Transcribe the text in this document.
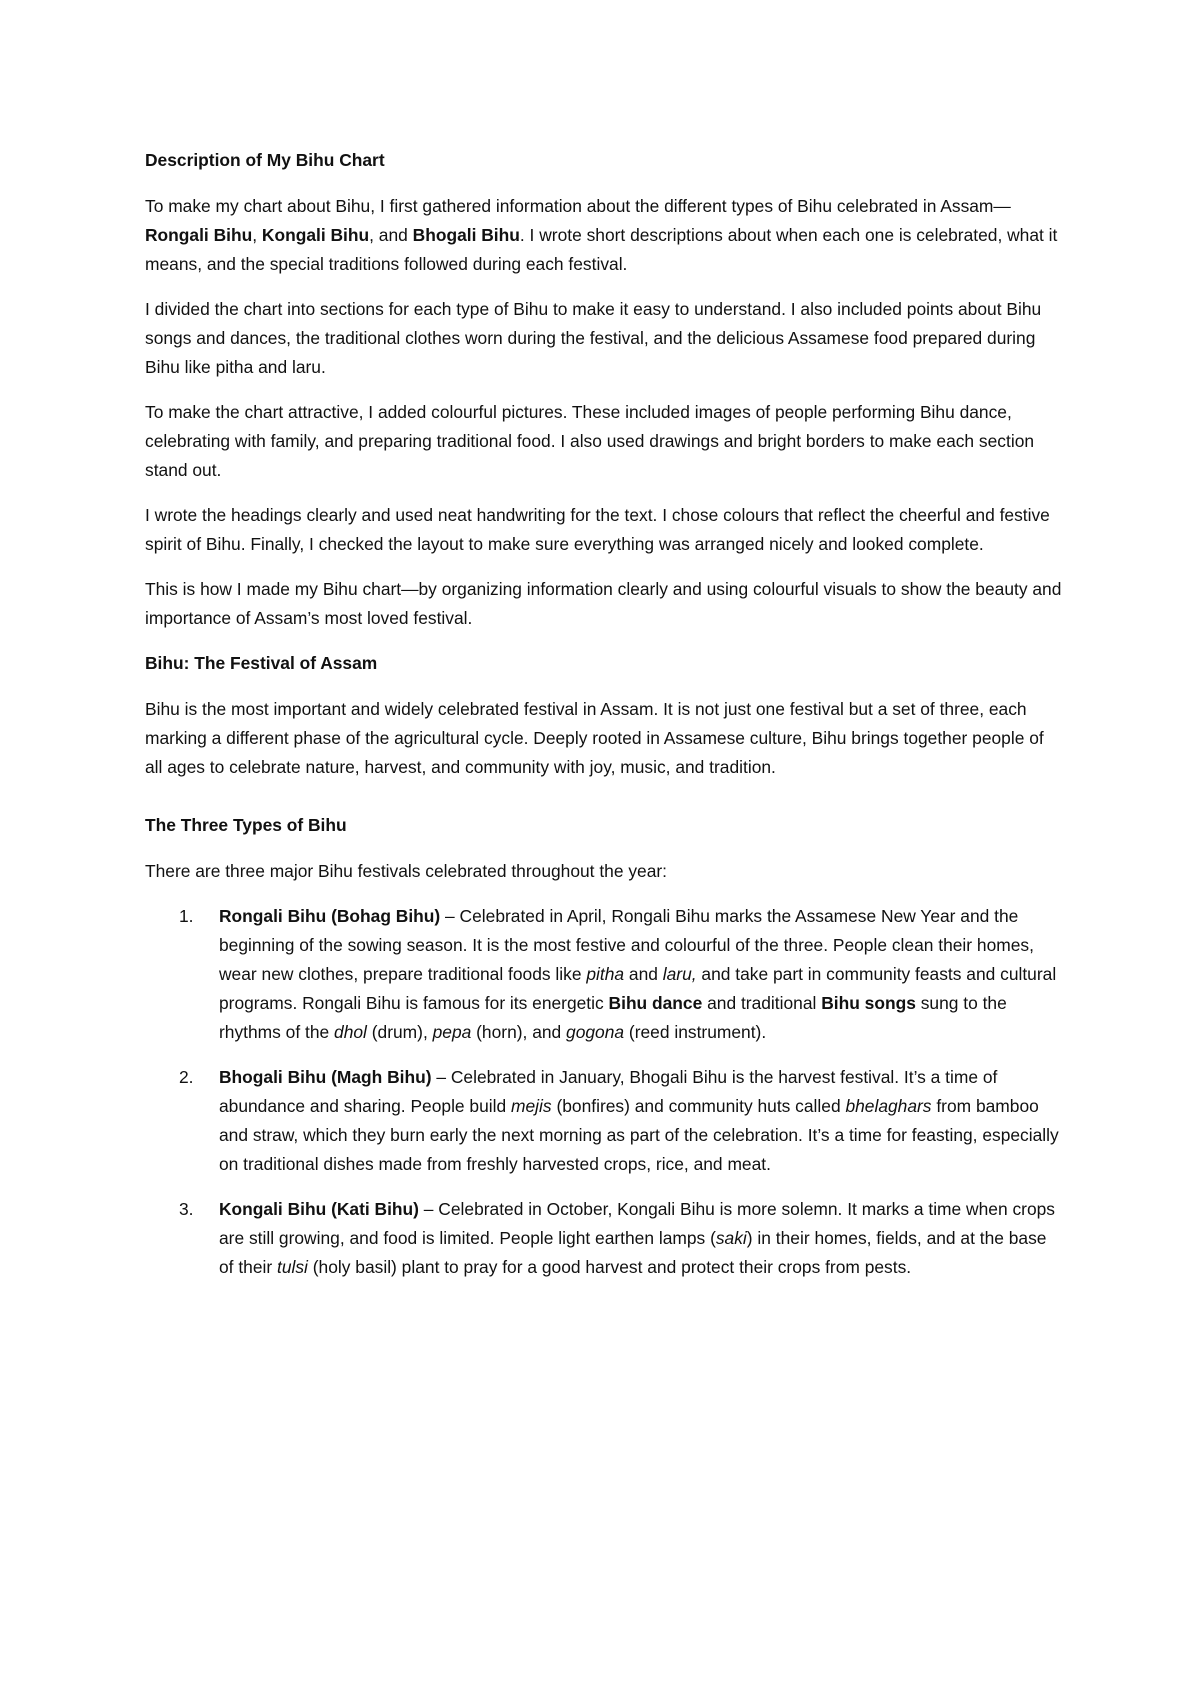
Description of My Bihu Chart

To make my chart about Bihu, I first gathered information about the different types of Bihu celebrated in Assam—Rongali Bihu, Kongali Bihu, and Bhogali Bihu. I wrote short descriptions about when each one is celebrated, what it means, and the special traditions followed during each festival.

I divided the chart into sections for each type of Bihu to make it easy to understand. I also included points about Bihu songs and dances, the traditional clothes worn during the festival, and the delicious Assamese food prepared during Bihu like pitha and laru.

To make the chart attractive, I added colourful pictures. These included images of people performing Bihu dance, celebrating with family, and preparing traditional food. I also used drawings and bright borders to make each section stand out.

I wrote the headings clearly and used neat handwriting for the text. I chose colours that reflect the cheerful and festive spirit of Bihu. Finally, I checked the layout to make sure everything was arranged nicely and looked complete.

This is how I made my Bihu chart—by organizing information clearly and using colourful visuals to show the beauty and importance of Assam’s most loved festival.

Bihu: The Festival of Assam

Bihu is the most important and widely celebrated festival in Assam. It is not just one festival but a set of three, each marking a different phase of the agricultural cycle. Deeply rooted in Assamese culture, Bihu brings together people of all ages to celebrate nature, harvest, and community with joy, music, and tradition.

The Three Types of Bihu

There are three major Bihu festivals celebrated throughout the year:

1. Rongali Bihu (Bohag Bihu) – Celebrated in April, Rongali Bihu marks the Assamese New Year and the beginning of the sowing season. It is the most festive and colourful of the three. People clean their homes, wear new clothes, prepare traditional foods like pitha and laru, and take part in community feasts and cultural programs. Rongali Bihu is famous for its energetic Bihu dance and traditional Bihu songs sung to the rhythms of the dhol (drum), pepa (horn), and gogona (reed instrument).
2. Bhogali Bihu (Magh Bihu) – Celebrated in January, Bhogali Bihu is the harvest festival. It’s a time of abundance and sharing. People build mejis (bonfires) and community huts called bhelaghars from bamboo and straw, which they burn early the next morning as part of the celebration. It’s a time for feasting, especially on traditional dishes made from freshly harvested crops, rice, and meat.
3. Kongali Bihu (Kati Bihu) – Celebrated in October, Kongali Bihu is more solemn. It marks a time when crops are still growing, and food is limited. People light earthen lamps (saki) in their homes, fields, and at the base of their tulsi (holy basil) plant to pray for a good harvest and protect their crops from pests.
